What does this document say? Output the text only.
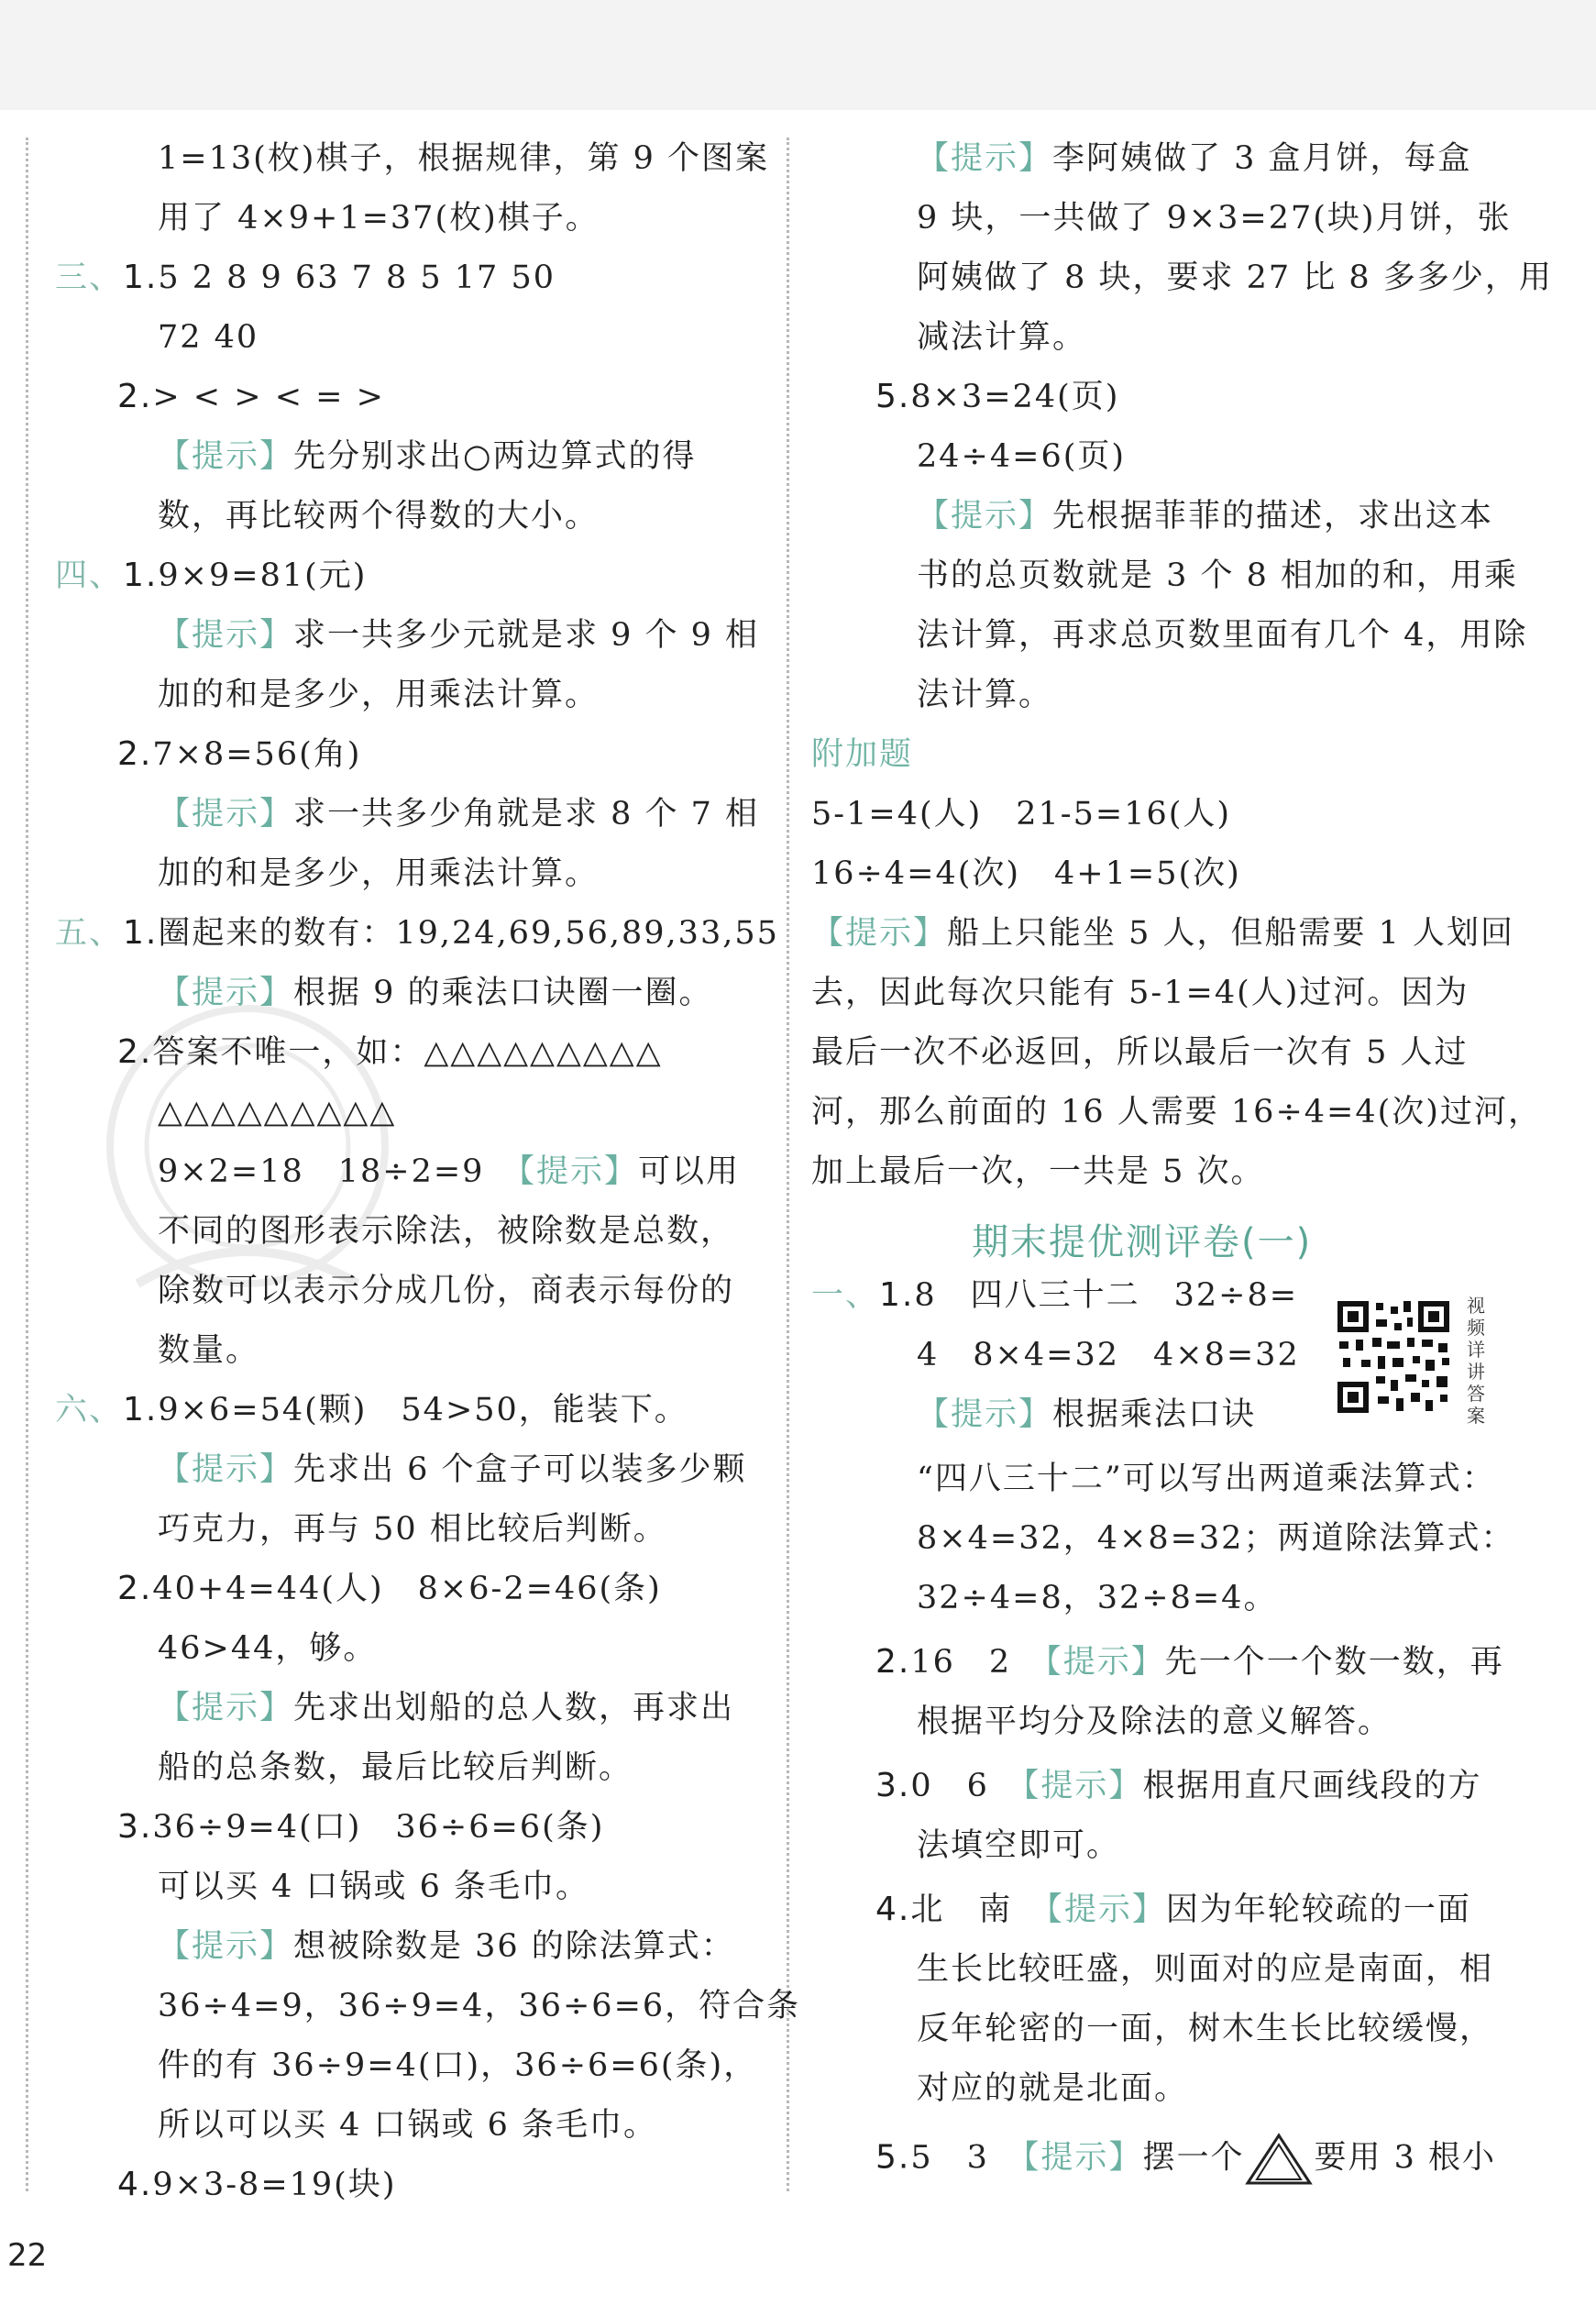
1=13(枚)棋子，根据规律，第 9 个图案
用了 4×9+1=37(枚)棋子。
三、1.5 2 8 9 63 7 8 5 17 50
72 40
2.> < > < = >
【提示】先分别求出○两边算式的得
数，再比较两个得数的大小。
四、1.9×9=81(元)
【提示】求一共多少元就是求 9 个 9 相
加的和是多少，用乘法计算。
2.7×8=56(角)
【提示】求一共多少角就是求 8 个 7 相
加的和是多少，用乘法计算。
五、1.圈起来的数有：19,24,69,56,89,33,55
【提示】根据 9 的乘法口诀圈一圈。
2.答案不唯一，如：△△△△△△△△△
△△△△△△△△△
9×2=18　18÷2=9　 【提示】可以用
不同的图形表示除法，被除数是总数，
除数可以表示分成几份，商表示每份的
数量。
六、1.9×6=54(颗)　54>50，能装下。
【提示】先求出 6 个盒子可以装多少颗
巧克力，再与 50 相比较后判断。
2.40+4=44(人)　8×6-2=46(条)
46>44，够。
【提示】先求出划船的总人数，再求出
船的总条数，最后比较后判断。
3.36÷9=4(口)　36÷6=6(条)
可以买 4 口锅或 6 条毛巾。
【提示】想被除数是 36 的除法算式：
36÷4=9，36÷9=4，36÷6=6，符合条
件的有 36÷9=4(口)，36÷6=6(条)，
所以可以买 4 口锅或 6 条毛巾。
4.9×3-8=19(块)
【提示】李阿姨做了 3 盒月饼，每盒
9 块，一共做了 9×3=27(块)月饼，张
阿姨做了 8 块，要求 27 比 8 多多少，用
减法计算。
5.8×3=24(页)
24÷4=6(页)
【提示】先根据菲菲的描述，求出这本
书的总页数就是 3 个 8 相加的和，用乘
法计算，再求总页数里面有几个 4，用除
法计算。
附加题
5-1=4(人)　21-5=16(人)
16÷4=4(次)　4+1=5(次)
【提示】船上只能坐 5 人，但船需要 1 人划回
去，因此每次只能有 5-1=4(人)过河。因为
最后一次不必返回，所以最后一次有 5 人过
河，那么前面的 16 人需要 16÷4=4(次)过河，
加上最后一次，一共是 5 次。
一、1.8　四八三十二　32÷8=
4　8×4=32　4×8=32
【提示】根据乘法口诀
“四八三十二”可以写出两道乘法算式：
8×4=32，4×8=32；两道除法算式：
32÷4=8，32÷8=4。
2.16　2　 【提示】先一个一个数一数，再
根据平均分及除法的意义解答。
3.0　6　 【提示】根据用直尺画线段的方
法填空即可。
4.北　南　 【提示】因为年轮较疏的一面
生长比较旺盛，则面对的应是南面，相
反年轮密的一面，树木生长比较缓慢，
对应的就是北面。
5.5　3　 【提示】摆一个 要用 3 根小
期末提优测评卷(一)
视频详讲答案
22
